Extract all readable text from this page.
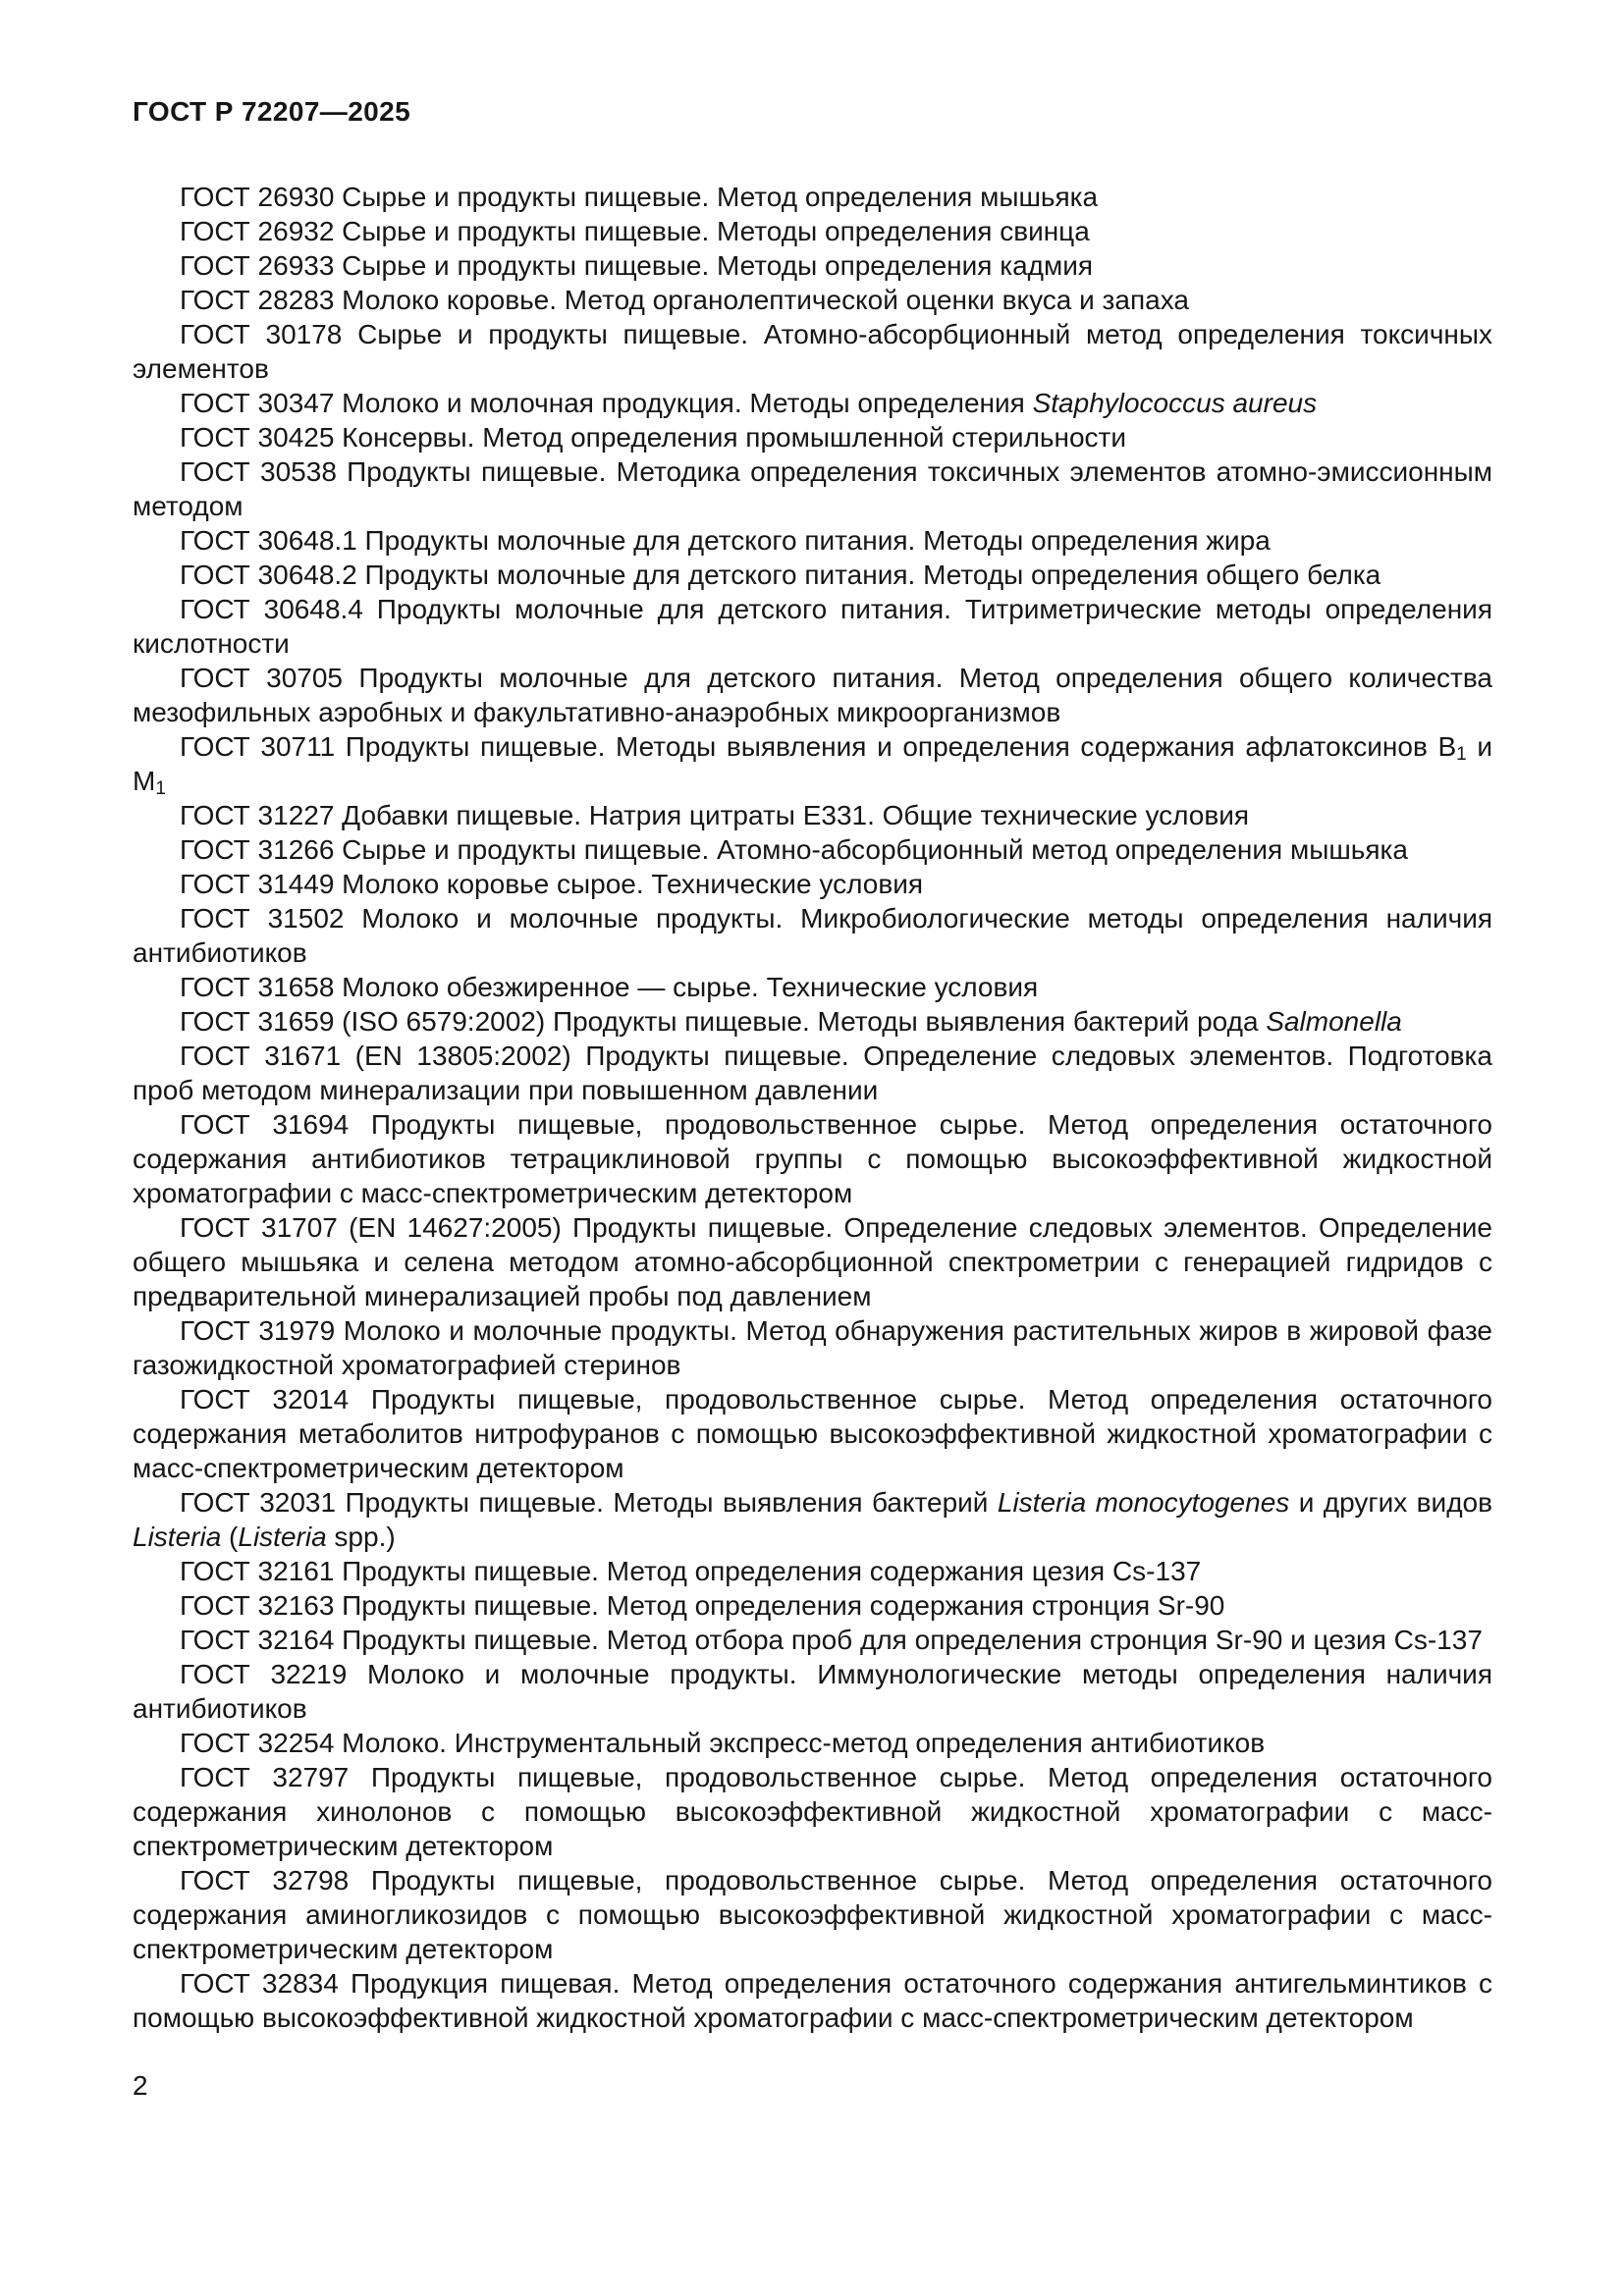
ГОСТ Р 72207—2025

ГОСТ 26930 Сырье и продукты пищевые. Метод определения мышьяка

ГОСТ 26932 Сырье и продукты пищевые. Методы определения свинца

ГОСТ 26933 Сырье и продукты пищевые. Методы определения кадмия

ГОСТ 28283 Молоко коровье. Метод органолептической оценки вкуса и запаха

ГОСТ 30178 Сырье и продукты пищевые. Атомно-абсорбционный метод определения токсичных элементов

ГОСТ 30347 Молоко и молочная продукция. Методы определения Staphylococcus aureus

ГОСТ 30425 Консервы. Метод определения промышленной стерильности

ГОСТ 30538 Продукты пищевые. Методика определения токсичных элементов атомно-эмиссионным методом

ГОСТ 30648.1 Продукты молочные для детского питания. Методы определения жира

ГОСТ 30648.2 Продукты молочные для детского питания. Методы определения общего белка

ГОСТ 30648.4 Продукты молочные для детского питания. Титриметрические методы определения кислотности

ГОСТ 30705 Продукты молочные для детского питания. Метод определения общего количества мезофильных аэробных и факультативно-анаэробных микроорганизмов

ГОСТ 30711 Продукты пищевые. Методы выявления и определения содержания афлатоксинов $В_1$ и $М_1$

ГОСТ 31227 Добавки пищевые. Натрия цитраты Е331. Общие технические условия

ГОСТ 31266 Сырье и продукты пищевые. Атомно-абсорбционный метод определения мышьяка

ГОСТ 31449 Молоко коровье сырое. Технические условия

ГОСТ 31502 Молоко и молочные продукты. Микробиологические методы определения наличия антибиотиков

ГОСТ 31658 Молоко обезжиренное — сырье. Технические условия

ГОСТ 31659 (ISO 6579:2002) Продукты пищевые. Методы выявления бактерий рода Salmonella

ГОСТ 31671 (EN 13805:2002) Продукты пищевые. Определение следовых элементов. Подготовка проб методом минерализации при повышенном давлении

ГОСТ 31694 Продукты пищевые, продовольственное сырье. Метод определения остаточного содержания антибиотиков тетрациклиновой группы с помощью высокоэффективной жидкостной хроматографии с масс-спектрометрическим детектором

ГОСТ 31707 (EN 14627:2005) Продукты пищевые. Определение следовых элементов. Определение общего мышьяка и селена методом атомно-абсорбционной спектрометрии с генерацией гидридов с предварительной минерализацией пробы под давлением

ГОСТ 31979 Молоко и молочные продукты. Метод обнаружения растительных жиров в жировой фазе газожидкостной хроматографией стеринов

ГОСТ 32014 Продукты пищевые, продовольственное сырье. Метод определения остаточного содержания метаболитов нитрофуранов с помощью высокоэффективной жидкостной хроматографии с масс-спектрометрическим детектором

ГОСТ 32031 Продукты пищевые. Методы выявления бактерий Listeria monocytogenes и других видов Listeria (Listeria spp.)

ГОСТ 32161 Продукты пищевые. Метод определения содержания цезия Cs-137

ГОСТ 32163 Продукты пищевые. Метод определения содержания стронция Sr-90

ГОСТ 32164 Продукты пищевые. Метод отбора проб для определения стронция Sr-90 и цезия Cs-137

ГОСТ 32219 Молоко и молочные продукты. Иммунологические методы определения наличия антибиотиков

ГОСТ 32254 Молоко. Инструментальный экспресс-метод определения антибиотиков

ГОСТ 32797 Продукты пищевые, продовольственное сырье. Метод определения остаточного содержания хинолонов с помощью высокоэффективной жидкостной хроматографии с масс-спектрометрическим детектором

ГОСТ 32798 Продукты пищевые, продовольственное сырье. Метод определения остаточного содержания аминогликозидов с помощью высокоэффективной жидкостной хроматографии с масс-спектрометрическим детектором

ГОСТ 32834 Продукция пищевая. Метод определения остаточного содержания антигельминтиков с помощью высокоэффективной жидкостной хроматографии с масс-спектрометрическим детектором

2
